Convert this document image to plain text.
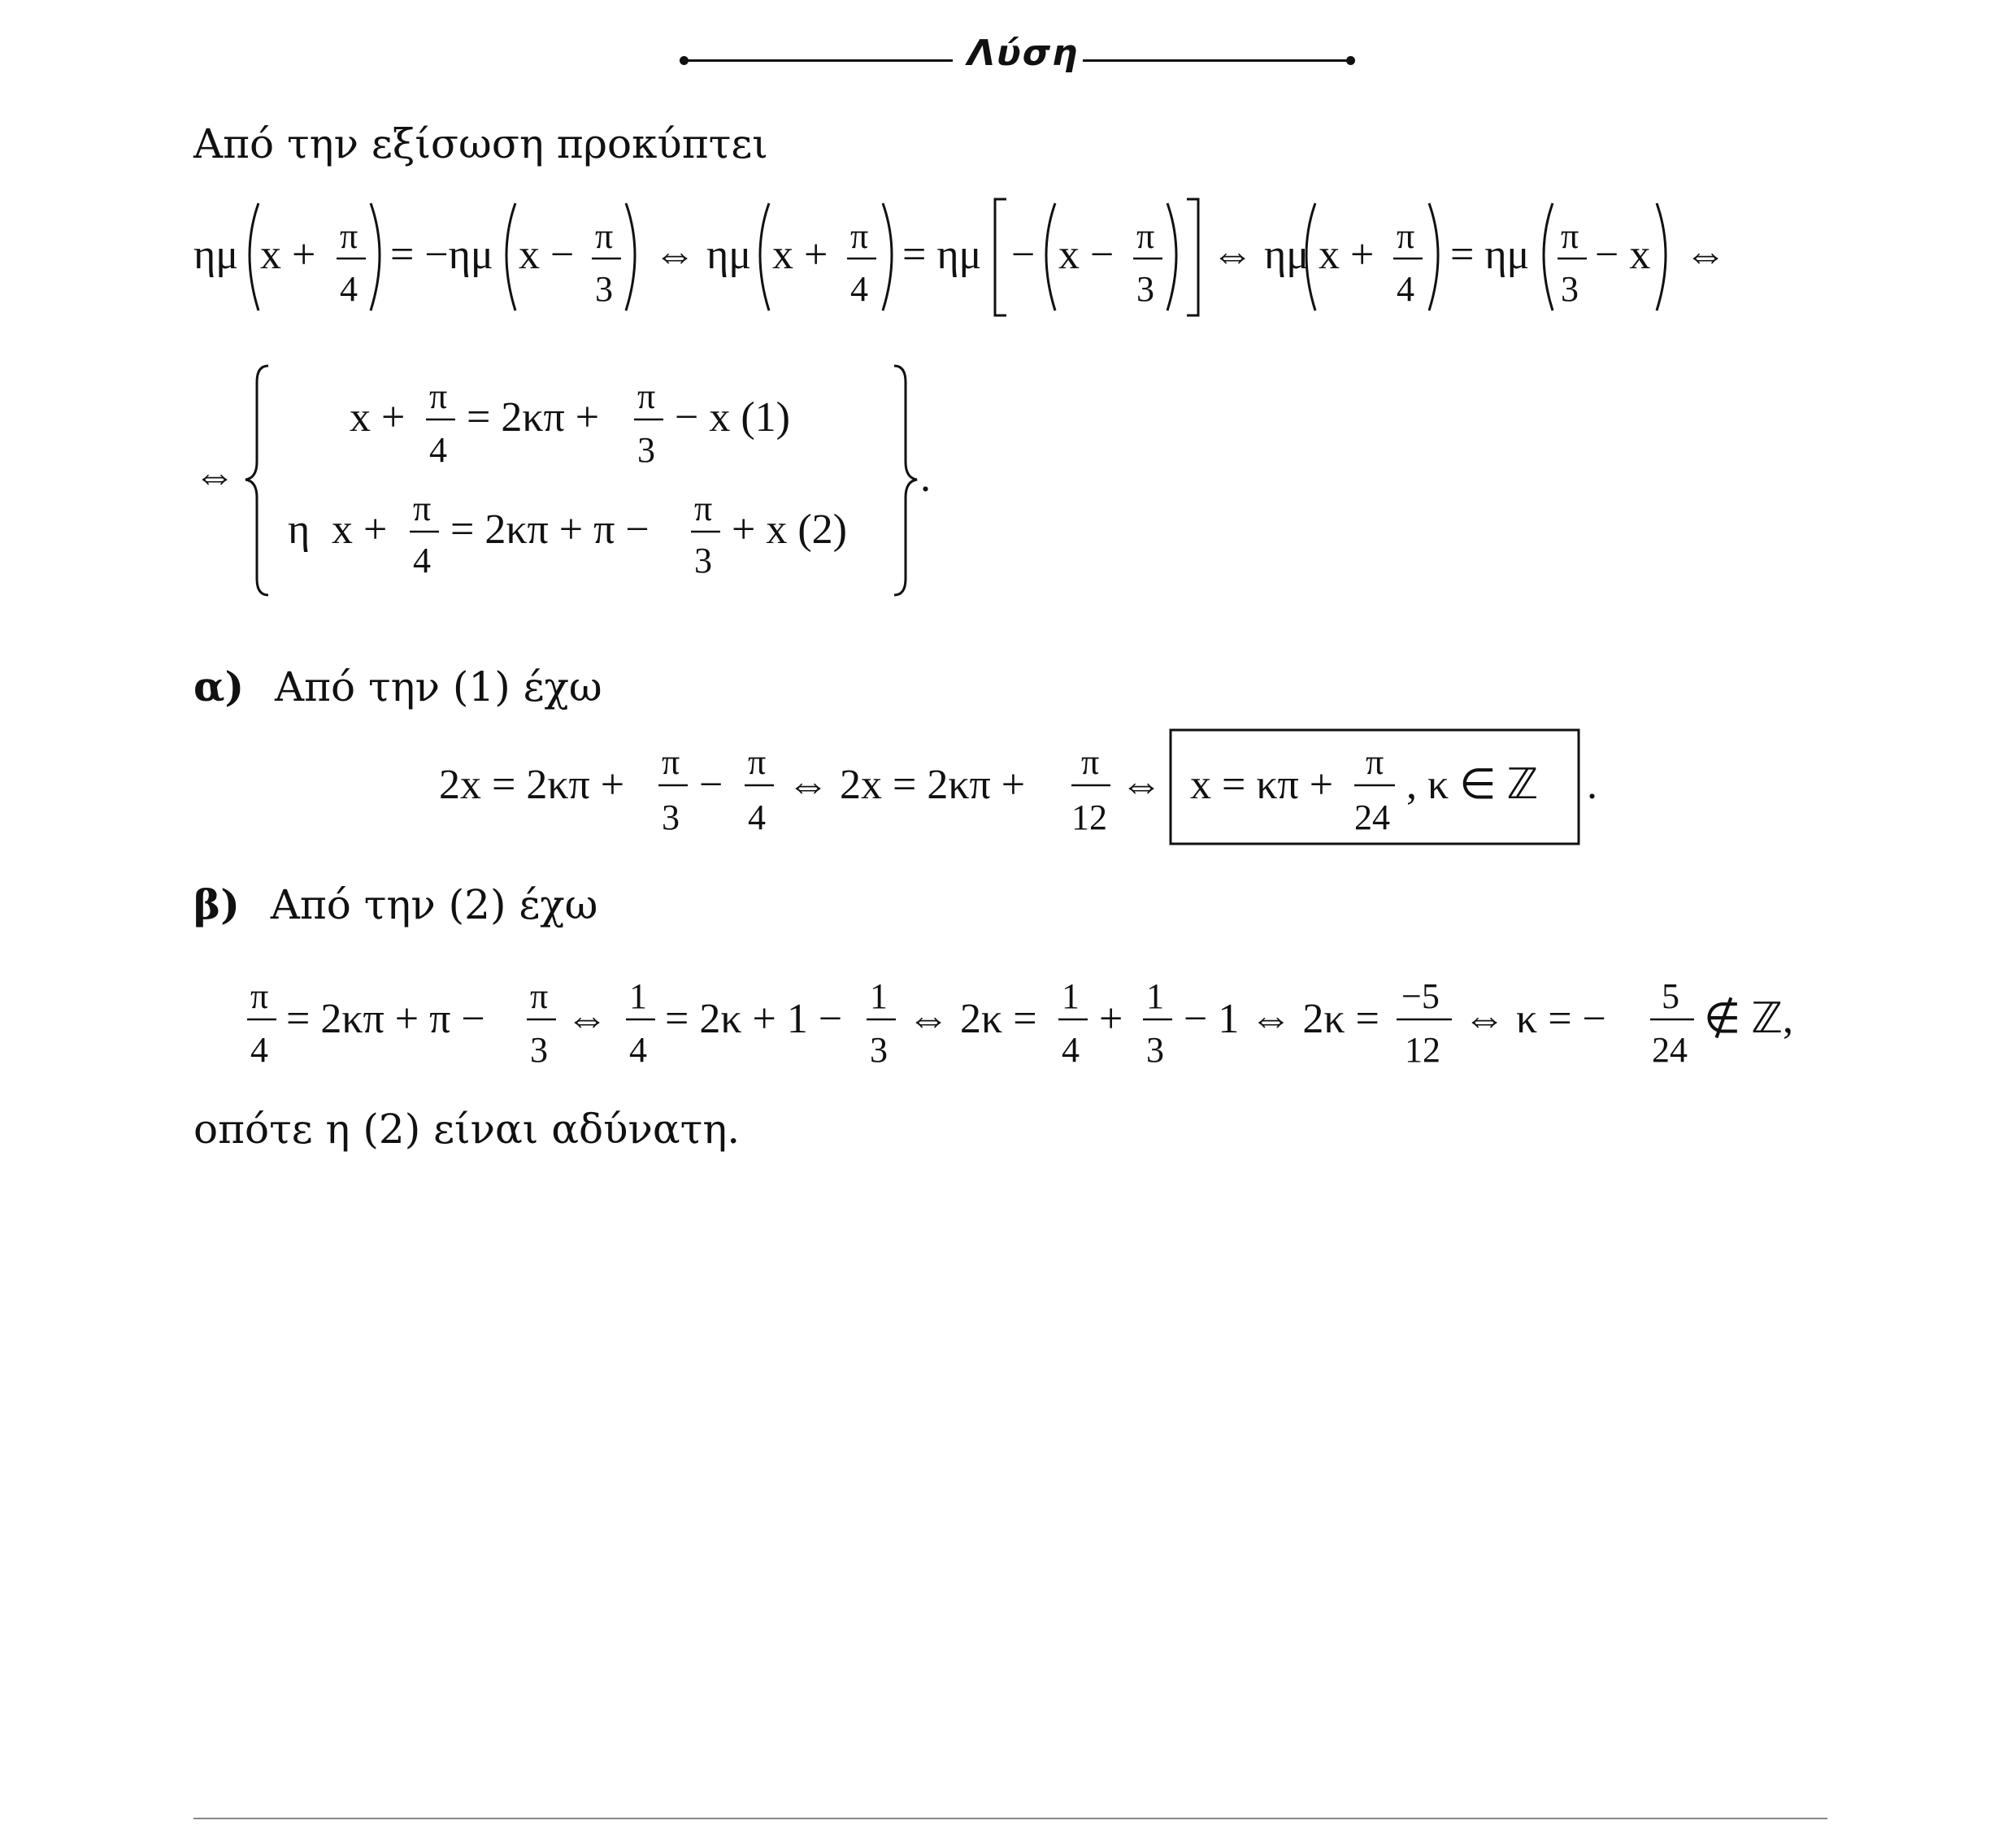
Λύση
Από την εξίσωση προκύπτει
ημ x + π
4
= −ημ x − π
3
⇔ ημ x + π
4
= ημ − x − π
3
⇔ ημ x + π
4
= ημ π
3
− x ⇔
⇔
x + π
4
= 2κπ + π
3
− x (1)
η x + π
4
= 2κπ + π − π
3
+ x (2)
.
α) Από την (1) έχω
2x = 2κπ + π
3
− π
4
⇔ 2x = 2κπ + π
12
⇔ x = κπ + π
24
, κ ∈ ℤ .
β) Από την (2) έχω
π
4
= 2κπ + π − π
3
⇔ 1
4
= 2κ + 1 − 1
3
⇔ 2κ = 1
4
+ 1
3
− 1 ⇔ 2κ = −5
12
⇔ κ = − 5
24
∉ ℤ,
οπότε η (2) είναι αδύνατη.
